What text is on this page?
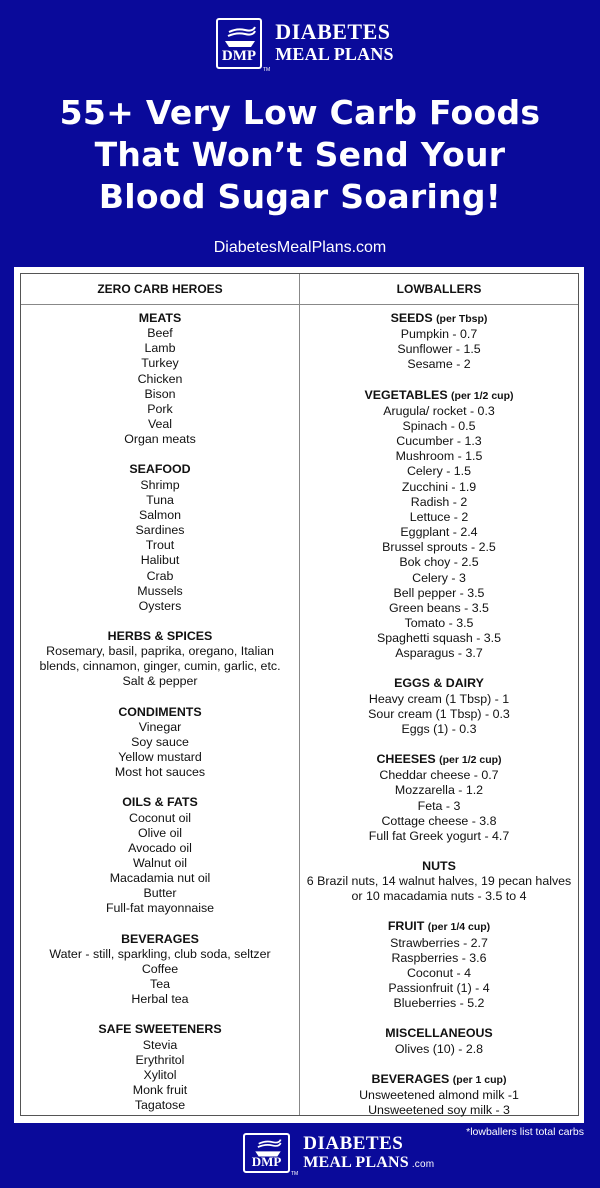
DMP
TM
DIABETES
MEAL PLANS
55+ Very Low Carb Foods
That Won’t Send Your
Blood Sugar Soaring!
DiabetesMealPlans.com
ZERO CARB HEROES
MEATS
Beef
Lamb
Turkey
Chicken
Bison
Pork
Veal
Organ meats
SEAFOOD
Shrimp
Tuna
Salmon
Sardines
Trout
Halibut
Crab
Mussels
Oysters
HERBS & SPICES
Rosemary, basil, paprika, oregano, Italian
blends, cinnamon, ginger, cumin, garlic, etc.
Salt & pepper
CONDIMENTS
Vinegar
Soy sauce
Yellow mustard
Most hot sauces
OILS & FATS
Coconut oil
Olive oil
Avocado oil
Walnut oil
Macadamia nut oil
Butter
Full-fat mayonnaise
BEVERAGES
Water - still, sparkling, club soda, seltzer
Coffee
Tea
Herbal tea
SAFE SWEETENERS
Stevia
Erythritol
Xylitol
Monk fruit
Tagatose
LOWBALLERS
SEEDS (per Tbsp)
Pumpkin - 0.7
Sunflower - 1.5
Sesame - 2
VEGETABLES (per 1/2 cup)
Arugula/ rocket - 0.3
Spinach - 0.5
Cucumber - 1.3
Mushroom - 1.5
Celery - 1.5
Zucchini - 1.9
Radish - 2
Lettuce - 2
Eggplant - 2.4
Brussel sprouts - 2.5
Bok choy - 2.5
Celery - 3
Bell pepper - 3.5
Green beans - 3.5
Tomato - 3.5
Spaghetti squash - 3.5
Asparagus - 3.7
EGGS & DAIRY
Heavy cream (1 Tbsp) - 1
Sour cream (1 Tbsp) - 0.3
Eggs (1) - 0.3
CHEESES (per 1/2 cup)
Cheddar cheese - 0.7
Mozzarella - 1.2
Feta - 3
Cottage cheese - 3.8
Full fat Greek yogurt - 4.7
NUTS
6 Brazil nuts, 14 walnut halves, 19 pecan halves
or 10 macadamia nuts - 3.5 to 4
FRUIT (per 1/4 cup)
Strawberries - 2.7
Raspberries - 3.6
Coconut - 4
Passionfruit (1) - 4
Blueberries - 5.2
MISCELLANEOUS
Olives (10) - 2.8
BEVERAGES (per 1 cup)
Unsweetened almond milk -1
Unsweetened soy milk - 3
*lowballers list total carbs
DMP
TM
DIABETES
MEAL PLANS .com
